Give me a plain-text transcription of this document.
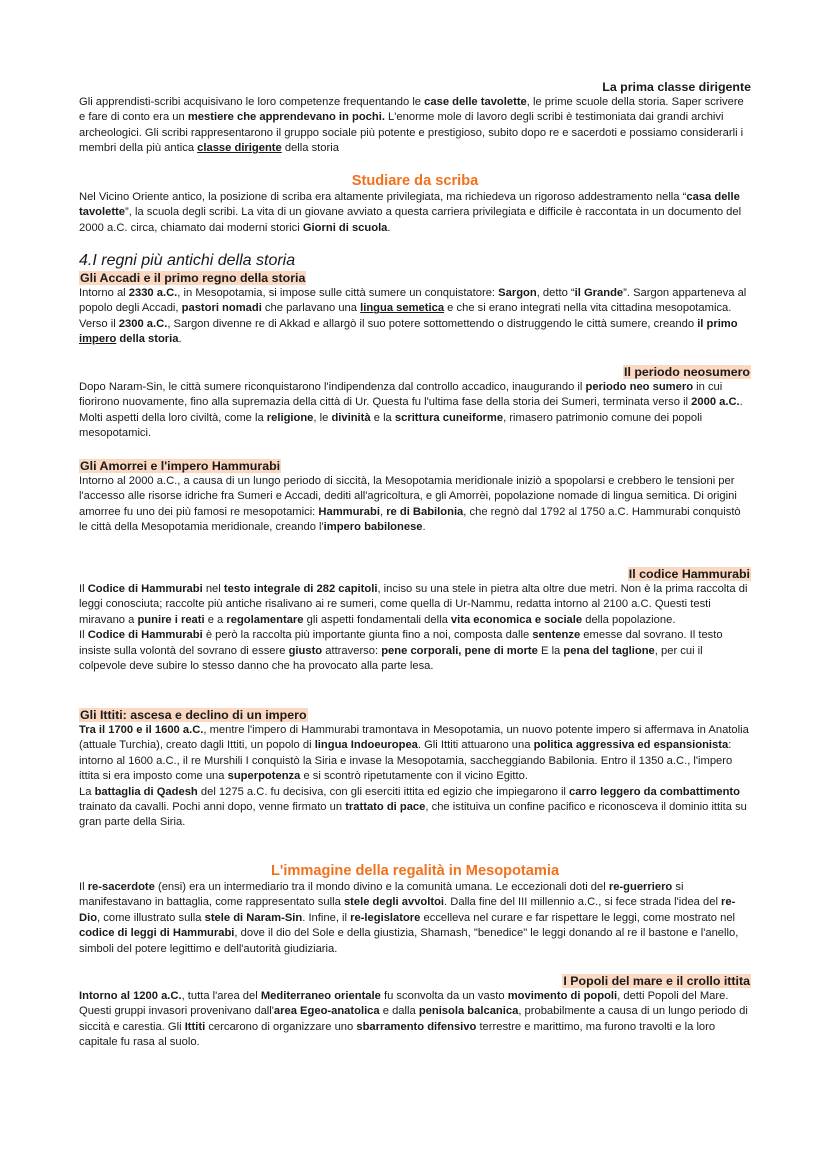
La prima classe dirigente

Gli apprendisti-scribi acquisivano le loro competenze frequentando le case delle tavolette, le prime scuole della storia. Saper scrivere e fare di conto era un mestiere che apprendevano in pochi. L'enorme mole di lavoro degli scribi è testimoniata dai grandi archivi archeologici. Gli scribi rappresentarono il gruppo sociale più potente e prestigioso, subito dopo re e sacerdoti e possiamo considerarli i membri della più antica classe dirigente della storia

Studiare da scriba

Nel Vicino Oriente antico, la posizione di scriba era altamente privilegiata, ma richiedeva un rigoroso addestramento nella “casa delle tavolette”, la scuola degli scribi. La vita di un giovane avviato a questa carriera privilegiata e difficile è raccontata in un documento del 2000 a.C. circa, chiamato dai moderni storici Giorni di scuola.

4.I regni più antichi della storia

Gli Accadi e il primo regno della storia

Intorno al 2330 a.C., in Mesopotamia, si impose sulle città sumere un conquistatore: Sargon, detto “il Grande”. Sargon apparteneva al popolo degli Accadi, pastori nomadi che parlavano una lingua semetica e che si erano integrati nella vita cittadina mesopotamica. Verso il 2300 a.C., Sargon divenne re di Akkad e allargò il suo potere sottomettendo o distruggendo le città sumere, creando il primo impero della storia.

Il periodo neosumero

Dopo Naram-Sin, le città sumere riconquistarono l'indipendenza dal controllo accadico, inaugurando il periodo neo sumero in cui fiorirono nuovamente, fino alla supremazia della città di Ur. Questa fu l'ultima fase della storia dei Sumeri, terminata verso il 2000 a.C.. Molti aspetti della loro civiltà, come la religione, le divinità e la scrittura cuneiforme, rimasero patrimonio comune dei popoli mesopotamici.

Gli Amorrei e l'impero Hammurabi

Intorno al 2000 a.C., a causa di un lungo periodo di siccità, la Mesopotamia meridionale iniziò a spopolarsi e crebbero le tensioni per l'accesso alle risorse idriche fra Sumeri e Accadi, dediti all'agricoltura, e gli Amorrèi, popolazione nomade di lingua semitica. Di origini amorree fu uno dei più famosi re mesopotamici: Hammurabi, re di Babilonia, che regnò dal 1792 al 1750 a.C. Hammurabi conquistò le città della Mesopotamia meridionale, creando l'impero babilonese.

Il codice Hammurabi

Il Codice di Hammurabi nel testo integrale di 282 capitoli, inciso su una stele in pietra alta oltre due metri. Non è la prima raccolta di leggi conosciuta; raccolte più antiche risalivano ai re sumeri, come quella di Ur-Nammu, redatta intorno al 2100 a.C. Questi testi miravano a punire i reati e a regolamentare gli aspetti fondamentali della vita economica e sociale della popolazione.

Il Codice di Hammurabi è però la raccolta più importante giunta fino a noi, composta dalle sentenze emesse dal sovrano. Il testo insiste sulla volontà del sovrano di essere giusto attraverso: pene corporali, pene di morte E la pena del taglione, per cui il colpevole deve subire lo stesso danno che ha provocato alla parte lesa.

Gli Ittiti: ascesa e declino di un impero

Tra il 1700 e il 1600 a.C., mentre l'impero di Hammurabi tramontava in Mesopotamia, un nuovo potente impero si affermava in Anatolia (attuale Turchia), creato dagli Ittiti, un popolo di lingua Indoeuropea. Gli Ittiti attuarono una politica aggressiva ed espansionista: intorno al 1600 a.C., il re Murshili I conquistò la Siria e invase la Mesopotamia, saccheggiando Babilonia. Entro il 1350 a.C., l'impero ittita si era imposto come una superpotenza e si scontrò ripetutamente con il vicino Egitto.

La battaglia di Qadesh del 1275 a.C. fu decisiva, con gli eserciti ittita ed egizio che impiegarono il carro leggero da combattimento trainato da cavalli. Pochi anni dopo, venne firmato un trattato di pace, che istituiva un confine pacifico e riconosceva il dominio ittita su gran parte della Siria.

L'immagine della regalità in Mesopotamia

Il re-sacerdote (ensi) era un intermediario tra il mondo divino e la comunità umana. Le eccezionali doti del re-guerriero si manifestavano in battaglia, come rappresentato sulla stele degli avvoltoi. Dalla fine del III millennio a.C., si fece strada l'idea del re-Dio, come illustrato sulla stele di Naram-Sin. Infine, il re-legislatore eccelleva nel curare e far rispettare le leggi, come mostrato nel codice di leggi di Hammurabi, dove il dio del Sole e della giustizia, Shamash, "benedice" le leggi donando al re il bastone e l'anello, simboli del potere legittimo e dell'autorità giudiziaria.

I Popoli del mare e il crollo ittita

Intorno al 1200 a.C., tutta l'area del Mediterraneo orientale fu sconvolta da un vasto movimento di popoli, detti Popoli del Mare. Questi gruppi invasori provenivano dall'area Egeo-anatolica e dalla penisola balcanica, probabilmente a causa di un lungo periodo di siccità e carestia. Gli Ittiti cercarono di organizzare uno sbarramento difensivo terrestre e marittimo, ma furono travolti e la loro capitale fu rasa al suolo.
